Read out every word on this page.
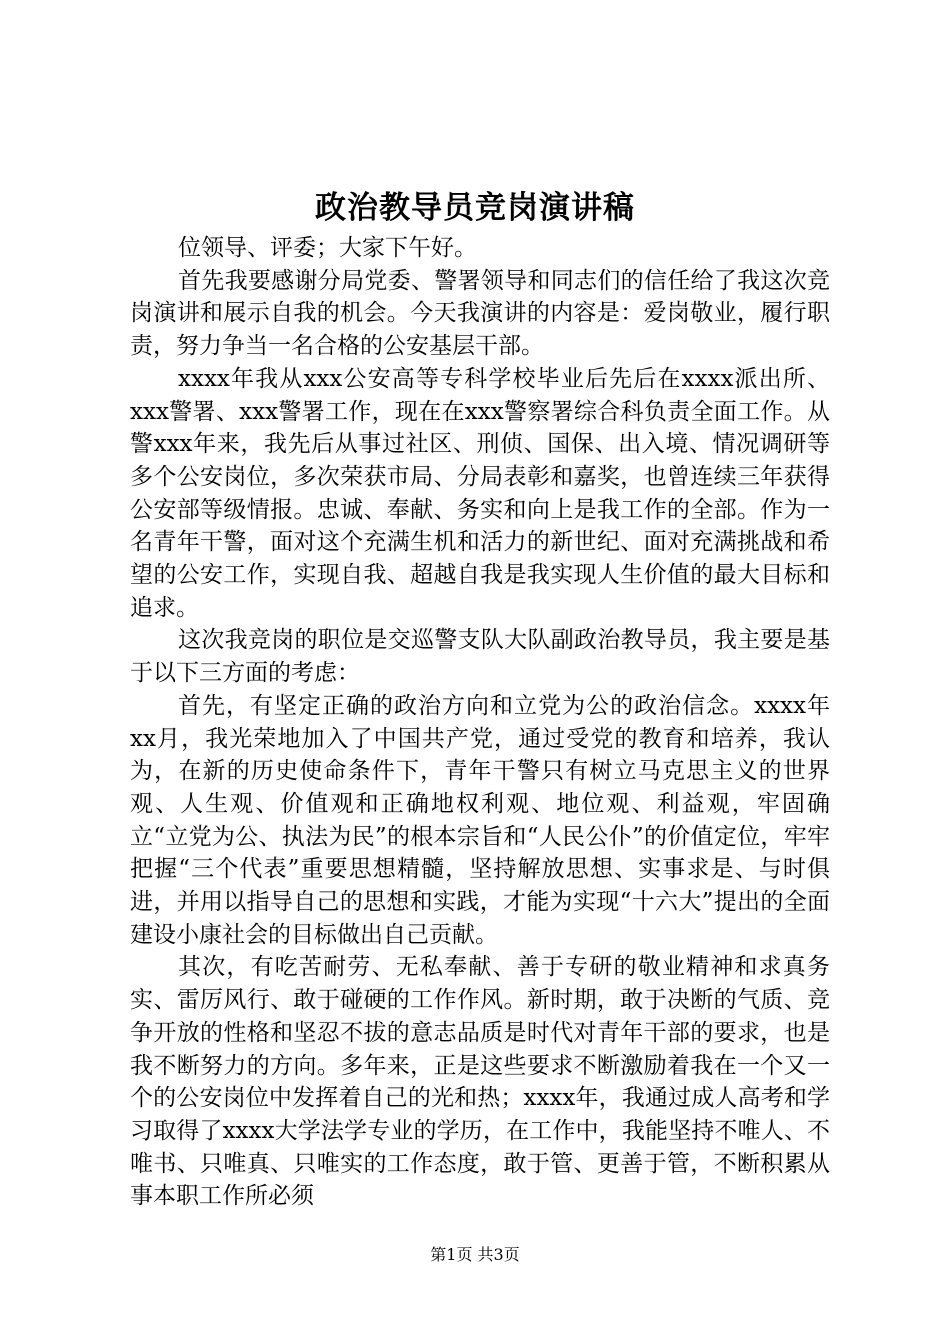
政治教导员竞岗演讲稿

位领导、评委；大家下午好。

首先我要感谢分局党委、警署领导和同志们的信任给了我这次竞岗演讲和展示自我的机会。今天我演讲的内容是：爱岗敬业，履行职责，努力争当一名合格的公安基层干部。

xxxx年我从xxx公安高等专科学校毕业后先后在xxxx派出所、xxx警署、xxx警署工作，现在在xxx警察署综合科负责全面工作。从警xxx年来，我先后从事过社区、刑侦、国保、出入境、情况调研等多个公安岗位，多次荣获市局、分局表彰和嘉奖，也曾连续三年获得公安部等级情报。忠诚、奉献、务实和向上是我工作的全部。作为一名青年干警，面对这个充满生机和活力的新世纪、面对充满挑战和希望的公安工作，实现自我、超越自我是我实现人生价值的最大目标和追求。

这次我竞岗的职位是交巡警支队大队副政治教导员，我主要是基于以下三方面的考虑：

首先，有坚定正确的政治方向和立党为公的政治信念。xxxx年xx月，我光荣地加入了中国共产党，通过受党的教育和培养，我认为，在新的历史使命条件下，青年干警只有树立马克思主义的世界观、人生观、价值观和正确地权利观、地位观、利益观，牢固确立“立党为公、执法为民”的根本宗旨和“人民公仆”的价值定位，牢牢把握“三个代表”重要思想精髓，坚持解放思想、实事求是、与时俱进，并用以指导自己的思想和实践，才能为实现“十六大”提出的全面建设小康社会的目标做出自己贡献。

其次，有吃苦耐劳、无私奉献、善于专研的敬业精神和求真务实、雷厉风行、敢于碰硬的工作作风。新时期，敢于决断的气质、竞争开放的性格和坚忍不拔的意志品质是时代对青年干部的要求，也是我不断努力的方向。多年来，正是这些要求不断激励着我在一个又一个的公安岗位中发挥着自己的光和热；xxxx年，我通过成人高考和学习取得了xxxx大学法学专业的学历，在工作中，我能坚持不唯人、不唯书、只唯真、只唯实的工作态度，敢于管、更善于管，不断积累从事本职工作所必须

第1页 共3页
